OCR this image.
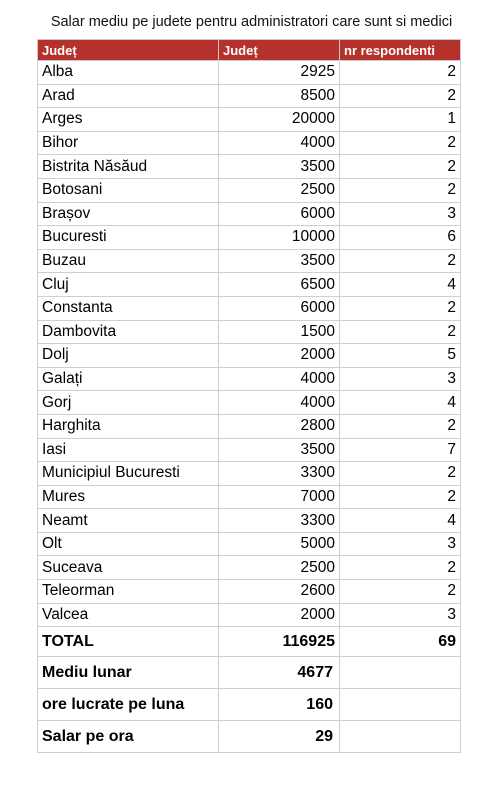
Salar mediu pe judete pentru administratori care sunt si medici
Județ	Județ	nr respondenti
Alba	2925	2
Arad	8500	2
Arges	20000	1
Bihor	4000	2
Bistrita Năsăud	3500	2
Botosani	2500	2
Brașov	6000	3
Bucuresti	10000	6
Buzau	3500	2
Cluj	6500	4
Constanta	6000	2
Dambovita	1500	2
Dolj	2000	5
Galați	4000	3
Gorj	4000	4
Harghita	2800	2
Iasi	3500	7
Municipiul Bucuresti	3300	2
Mures	7000	2
Neamt	3300	4
Olt	5000	3
Suceava	2500	2
Teleorman	2600	2
Valcea	2000	3
TOTAL	116925	69
Mediu lunar	4677	
ore lucrate pe luna	160	
Salar pe ora	29	
